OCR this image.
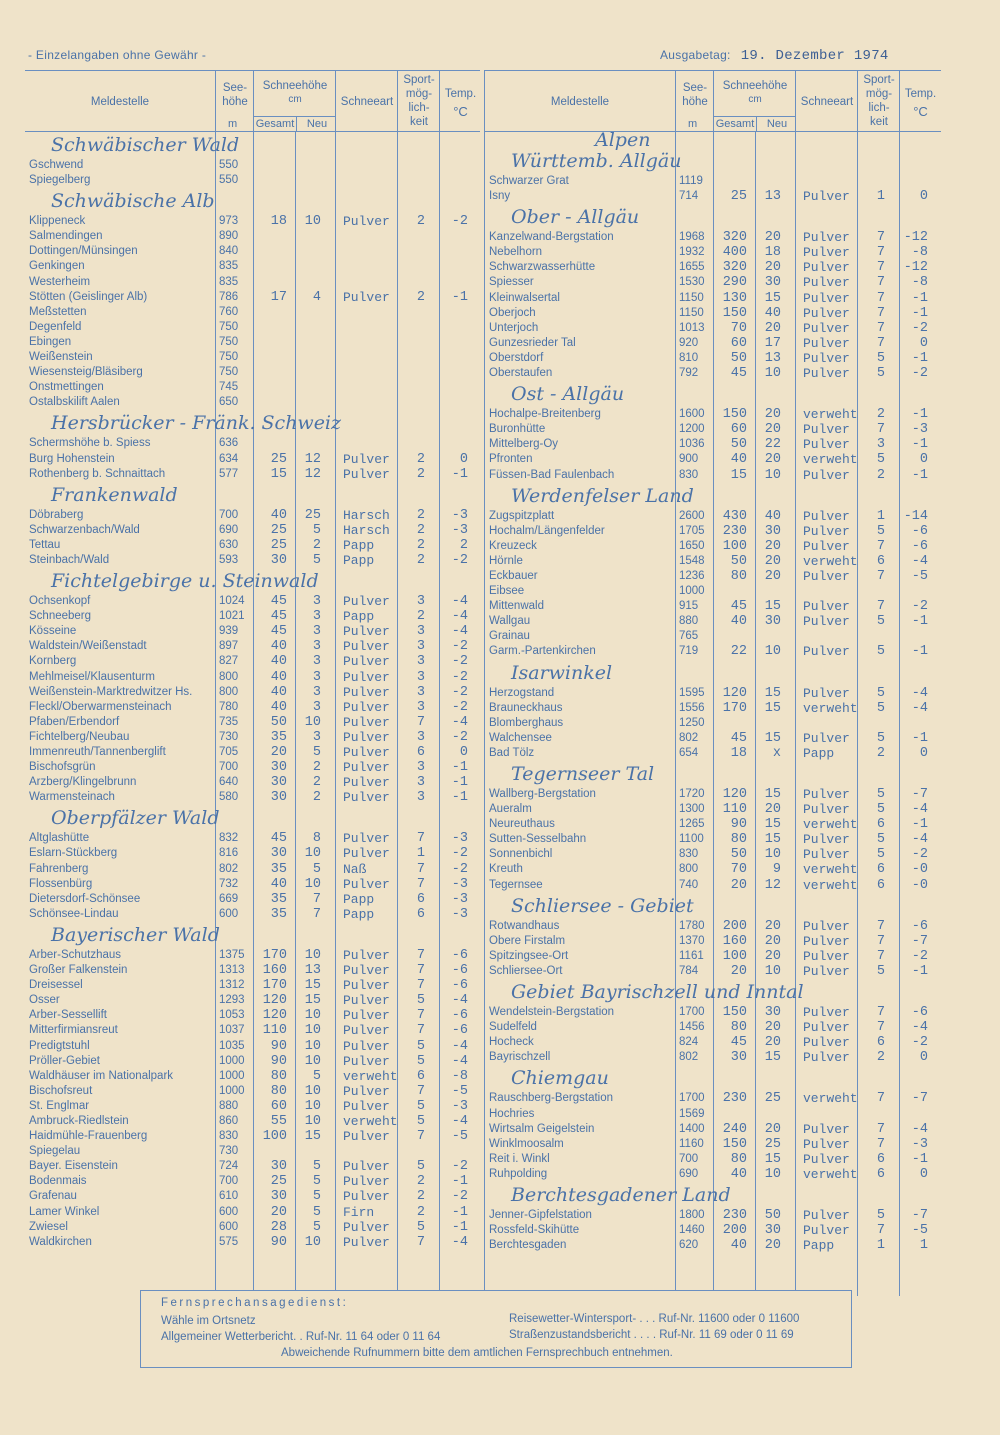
- Einzelangaben ohne Gewähr -	Ausgabetag: 19. Dezember 1974
Meldestelle
See-
höhe
m
Schneehöhe
cm
Gesamt	Neu
Schneeart
Sport-
mög-
lich-
keit
Temp.
°C
Schwäbischer Wald
Gschwend	550
Spiegelberg	550
Schwäbische Alb
Klippeneck	973	18	10 Pulver	2	-2
Salmendingen	890
Dottingen/Münsingen	840
Genkingen	835
Westerheim	835
Stötten (Geislinger Alb)	786	17	4 Pulver	2	-1
Meßstetten	760
Degenfeld	750
Ebingen	750
Weißenstein	750
Wiesensteig/Bläsiberg	750
Onstmettingen	745
Ostalbskilift Aalen	650
Hersbrücker - Fränk. Schweiz
Schermshöhe b. Spiess	636
Burg Hohenstein	634	25	12 Pulver	2	0
Rothenberg b. Schnaittach	577	15	12 Pulver	2	-1
Frankenwald
Döbraberg	700	40	25 Harsch	2	-3
Schwarzenbach/Wald	690	25	5 Harsch	2	-3
Tettau	630	25	2 Papp	2	2
Steinbach/Wald	593	30	5 Papp	2	-2
Fichtelgebirge u. Steinwald
Ochsenkopf	1024	45	3 Pulver	3	-4
Schneeberg	1021	45	3 Papp	2	-4
Kösseine	939	45	3 Pulver	3	-4
Waldstein/Weißenstadt	897	40	3 Pulver	3	-2
Kornberg	827	40	3 Pulver	3	-2
Mehlmeisel/Klausenturm	800	40	3 Pulver	3	-2
Weißenstein-Marktredwitzer Hs. 800	40	3 Pulver	3	-2
Fleckl/Oberwarmensteinach	780	40	3 Pulver	3	-2
Pfaben/Erbendorf	735	50	10 Pulver	7	-4
Fichtelberg/Neubau	730	35	3 Pulver	3	-2
Immenreuth/Tannenberglift	705	20	5 Pulver	6	0
Bischofsgrün	700	30	2 Pulver	3	-1
Arzberg/Klingelbrunn	640	30	2 Pulver	3	-1
Warmensteinach	580	30	2 Pulver	3	-1
Oberpfälzer Wald
Altglashütte	832	45	8 Pulver	7	-3
Eslarn-Stückberg	816	30	10 Pulver	1	-2
Fahrenberg	802	35	5 Naß	7	-2
Flossenbürg	732	40	10 Pulver	7	-3
Dietersdorf-Schönsee	669	35	7 Papp	6	-3
Schönsee-Lindau	600	35	7 Papp	6	-3
Bayerischer Wald
Arber-Schutzhaus	1375	170	10 Pulver	7	-6
Großer Falkenstein	1313	160	13 Pulver	7	-6
Dreisessel	1312	170	15 Pulver	7	-6
Osser	1293	120	15 Pulver	5	-4
Arber-Sessellift	1053	120	10 Pulver	7	-6
Mitterfirmiansreut	1037	110	10 Pulver	7	-6
Predigtstuhl	1035	90	10 Pulver	5	-4
Pröller-Gebiet	1000	90	10 Pulver	5	-4
Waldhäuser im Nationalpark	1000	80	5 verweht	6	-8
Bischofsreut	1000	80	10 Pulver	7	-5
St. Englmar	880	60	10 Pulver	5	-3
Ambruck-Riedlstein	860	55	10 verweht	5	-4
Haidmühle-Frauenberg	830	100	15 Pulver	7	-5
Spiegelau	730
Bayer. Eisenstein	724	30	5 Pulver	5	-2
Bodenmais	700	25	5 Pulver	2	-1
Grafenau	610	30	5 Pulver	2	-2
Lamer Winkel	600	20	5 Firn	2	-1
Zwiesel	600	28	5 Pulver	5	-1
Waldkirchen	575	90	10 Pulver	7	-4
Meldestelle
See-
höhe
m
Schneehöhe
cm
Gesamt	Neu
Schneeart
Sport-
mög-
lich-
keit
Temp.
°C
Alpen
Württemb. Allgäu
Schwarzer Grat	1119
Isny	714	25	13 Pulver	1	0
Ober - Allgäu
Kanzelwand-Bergstation	1968	320	20 Pulver	7	-12
Nebelhorn	1932	400	18 Pulver	7	-8
Schwarzwasserhütte	1655	320	20 Pulver	7	-12
Spiesser	1530	290	30 Pulver	7	-8
Kleinwalsertal	1150	130	15 Pulver	7	-1
Oberjoch	1150	150	40 Pulver	7	-1
Unterjoch	1013	70	20 Pulver	7	-2
Gunzesrieder Tal	920	60	17 Pulver	7	0
Oberstdorf	810	50	13 Pulver	5	-1
Oberstaufen	792	45	10 Pulver	5	-2
Ost - Allgäu
Hochalpe-Breitenberg	1600	150	20 verweht	2	-1
Buronhütte	1200	60	20 Pulver	7	-3
Mittelberg-Oy	1036	50	22 Pulver	3	-1
Pfronten	900	40	20 verweht	5	0
Füssen-Bad Faulenbach	830	15	10 Pulver	2	-1
Werdenfelser Land
Zugspitzplatt	2600	430	40 Pulver	1	-14
Hochalm/Längenfelder	1705	230	30 Pulver	5	-6
Kreuzeck	1650	100	20 Pulver	7	-6
Hörnle	1548	50	20 verweht	6	-4
Eckbauer	1236	80	20 Pulver	7	-5
Eibsee	1000
Mittenwald	915	45	15 Pulver	7	-2
Wallgau	880	40	30 Pulver	5	-1
Grainau	765
Garm.-Partenkirchen	719	22	10 Pulver	5	-1
Isarwinkel
Herzogstand	1595	120	15 Pulver	5	-4
Brauneckhaus	1556	170	15 verweht	5	-4
Blomberghaus	1250
Walchensee	802	45	15 Pulver	5	-1
Bad Tölz	654	18	x Papp	2	0
Tegernseer Tal
Wallberg-Bergstation	1720	120	15 Pulver	5	-7
Aueralm	1300	110	20 Pulver	5	-4
Neureuthaus	1265	90	15 verweht	6	-1
Sutten-Sesselbahn	1100	80	15 Pulver	5	-4
Sonnenbichl	830	50	10 Pulver	5	-2
Kreuth	800	70	9 verweht	6	-0
Tegernsee	740	20	12 verweht	6	-0
Schliersee - Gebiet
Rotwandhaus	1780	200	20 Pulver	7	-6
Obere Firstalm	1370	160	20 Pulver	7	-7
Spitzingsee-Ort	1161	100	20 Pulver	7	-2
Schliersee-Ort	784	20	10 Pulver	5	-1
Gebiet Bayrischzell und Inntal
Wendelstein-Bergstation	1700	150	30 Pulver	7	-6
Sudelfeld	1456	80	20 Pulver	7	-4
Hocheck	824	45	20 Pulver	6	-2
Bayrischzell	802	30	15 Pulver	2	0
Chiemgau
Rauschberg-Bergstation	1700	230	25 verweht	7	-7
Hochries	1569
Wirtsalm Geigelstein	1400	240	20 Pulver	7	-4
Winklmoosalm	1160	150	25 Pulver	7	-3
Reit i. Winkl	700	80	15 Pulver	6	-1
Ruhpolding	690	40	10 verweht	6	0
Berchtesgadener Land
Jenner-Gipfelstation	1800	230	50 Pulver	5	-7
Rossfeld-Skihütte	1460	200	30 Pulver	7	-5
Berchtesgaden	620	40	20 Papp	1	1
Fernsprechansagedienst:
Wähle im Ortsnetz
Allgemeiner Wetterbericht. . Ruf-Nr. 11 64 oder 0 11 64
Reisewetter-Wintersport- . . . Ruf-Nr. 11600 oder 0 11600
Straßenzustandsbericht . . . . Ruf-Nr. 11 69 oder 0 11 69
Abweichende Rufnummern bitte dem amtlichen Fernsprechbuch entnehmen.
